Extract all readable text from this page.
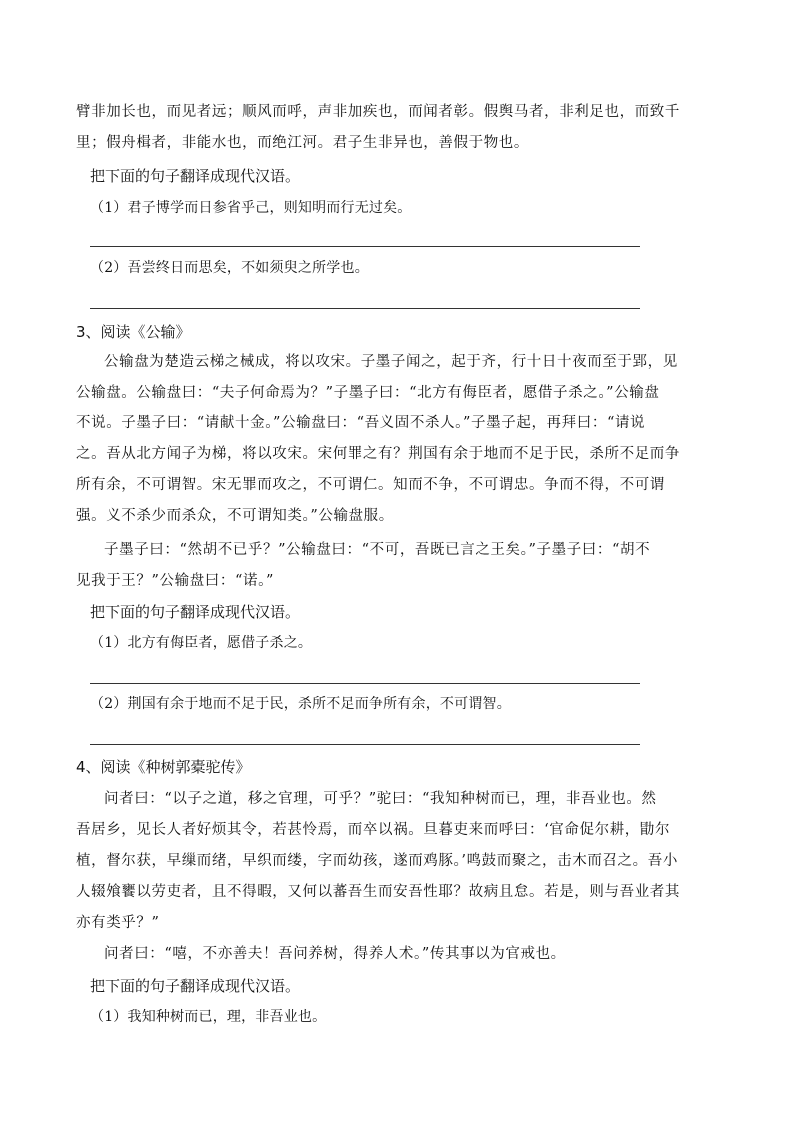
臂非加长也，而见者远；顺风而呼，声非加疾也，而闻者彰。假舆马者，非利足也，而致千
里；假舟楫者，非能水也，而绝江河。君子生非异也，善假于物也。
把下面的句子翻译成现代汉语。
（1）君子博学而日参省乎己，则知明而行无过矣。
（2）吾尝终日而思矣，不如须臾之所学也。
3、阅读《公输》
公输盘为楚造云梯之械成，将以攻宋。子墨子闻之，起于齐，行十日十夜而至于郢，见
公输盘。公输盘曰：“夫子何命焉为？”子墨子曰：“北方有侮臣者，愿借子杀之。”公输盘
不说。子墨子曰：“请献十金。”公输盘曰：“吾义固不杀人。”子墨子起，再拜曰：“请说
之。吾从北方闻子为梯，将以攻宋。宋何罪之有？荆国有余于地而不足于民，杀所不足而争
所有余，不可谓智。宋无罪而攻之，不可谓仁。知而不争，不可谓忠。争而不得，不可谓
强。义不杀少而杀众，不可谓知类。”公输盘服。
子墨子曰：“然胡不已乎？”公输盘曰：“不可，吾既已言之王矣。”子墨子曰：“胡不
见我于王？”公输盘曰：“诺。”
把下面的句子翻译成现代汉语。
（1）北方有侮臣者，愿借子杀之。
（2）荆国有余于地而不足于民，杀所不足而争所有余，不可谓智。
4、阅读《种树郭橐驼传》
问者曰：“以子之道，移之官理，可乎？”驼曰：“我知种树而已，理，非吾业也。然
吾居乡，见长人者好烦其令，若甚怜焉，而卒以祸。旦暮吏来而呼曰：‘官命促尔耕，勖尔
植，督尔获，早缫而绪，早织而缕，字而幼孩，遂而鸡豚。’鸣鼓而聚之，击木而召之。吾小
人辍飧饔以劳吏者，且不得暇，又何以蕃吾生而安吾性耶？故病且怠。若是，则与吾业者其
亦有类乎？”
问者曰：“嘻，不亦善夫！吾问养树，得养人术。”传其事以为官戒也。
把下面的句子翻译成现代汉语。
（1）我知种树而已，理，非吾业也。
